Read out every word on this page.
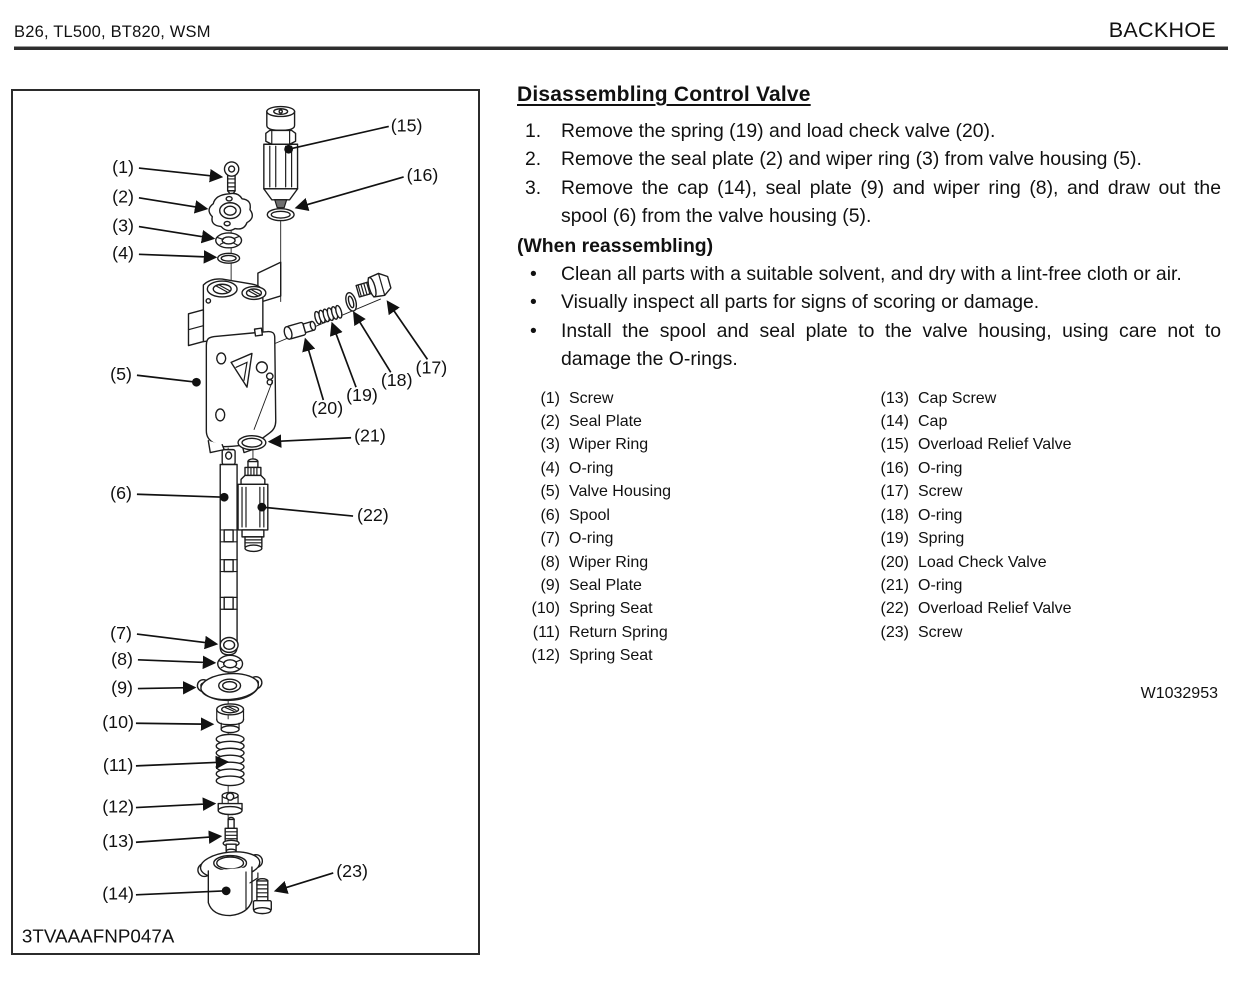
B26, TL500, BT820, WSM	BACKHOE
(1)
(2)
(3)
(4)
(5)
(6)
(7)
(8)
(9)
(10)
(11)
(12)
(13)
(14)
(15)
(16)
(17)
(18)
(19)
(20)
(21)
(22)
(23)
3TVAAAFNP047A
Disassembling Control Valve
1.	Remove the spring (19) and load check valve (20).
2.	Remove the seal plate (2) and wiper ring (3) from valve housing (5).
3.	Remove the cap (14), seal plate (9) and wiper ring (8), and draw out the spool (6) from the valve housing (5).
(When reassembling)
•	Clean all parts with a suitable solvent, and dry with a lint-free cloth or air.
•	Visually inspect all parts for signs of scoring or damage.
•	Install the spool and seal plate to the valve housing, using care not to damage the O-rings.
(1) Screw
(2) Seal Plate
(3) Wiper Ring
(4) O-ring
(5) Valve Housing
(6) Spool
(7) O-ring
(8) Wiper Ring
(9) Seal Plate
(10) Spring Seat
(11) Return Spring
(12) Spring Seat
(13) Cap Screw
(14) Cap
(15) Overload Relief Valve
(16) O-ring
(17) Screw
(18) O-ring
(19) Spring
(20) Load Check Valve
(21) O-ring
(22) Overload Relief Valve
(23) Screw
W1032953
